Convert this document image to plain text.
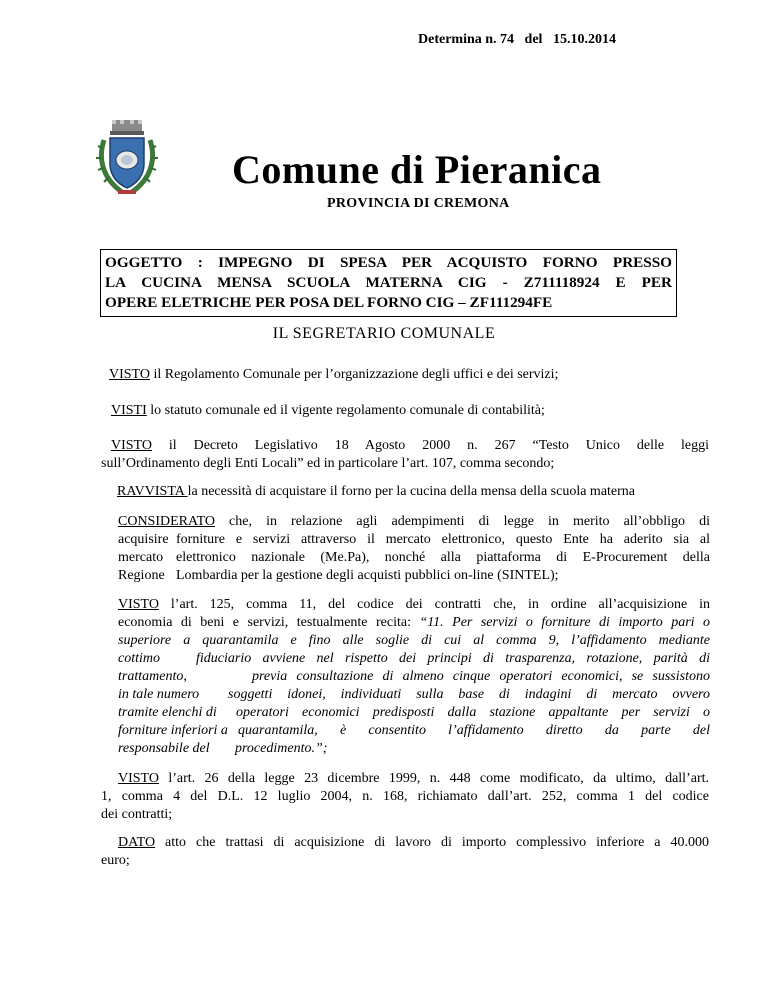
Determina n. 74 del 15.10.2014
Comune di Pieranica
PROVINCIA DI CREMONA
OGGETTO : IMPEGNO DI SPESA PER ACQUISTO FORNO PRESSO
LA CUCINA MENSA SCUOLA MATERNA CIG - Z711118924 E PER
OPERE ELETRICHE PER POSA DEL FORNO CIG – ZF111294FE
IL SEGRETARIO COMUNALE
VISTO il Regolamento Comunale per l’organizzazione degli uffici e dei servizi;
VISTI lo statuto comunale ed il vigente regolamento comunale di contabilità;
VISTO il Decreto Legislativo 18 Agosto 2000 n. 267 “Testo Unico delle leggi
sull’Ordinamento degli Enti Locali” ed in particolare l’art. 107, comma secondo;
RAVVISTA la necessità di acquistare il forno per la cucina della mensa della scuola materna
CONSIDERATO che, in relazione agli adempimenti di legge in merito all’obbligo di
acquisire forniture e servizi attraverso il mercato elettronico, questo Ente ha aderito sia al
mercato elettronico nazionale (Me.Pa), nonché alla piattaforma di E-Procurement della
Regione Lombardia per la gestione degli acquisti pubblici on-line (SINTEL);
VISTO l’art. 125, comma 11, del codice dei contratti che, in ordine all’acquisizione in
economia di beni e servizi, testualmente recita: “11. Per servizi o forniture di importo pari o
superiore a quarantamila e fino alle soglie di cui al comma 9, l’affidamento mediante
cottimo	fiduciario avviene nel rispetto dei principi di trasparenza, rotazione, parità di
trattamento,	previa consultazione di almeno cinque operatori economici, se sussistono
in tale numero	soggetti idonei, individuati sulla base di indagini di mercato ovvero
tramite elenchi di	operatori economici predisposti dalla stazione appaltante per servizi o
forniture inferiori a quarantamila, è consentito l’affidamento diretto da parte del
responsabile del	procedimento.”;
VISTO l’art. 26 della legge 23 dicembre 1999, n. 448 come modificato, da ultimo, dall’art.
1, comma 4 del D.L. 12 luglio 2004, n. 168, richiamato dall’art. 252, comma 1 del codice
dei contratti;
DATO atto che trattasi di acquisizione di lavoro di importo complessivo inferiore a 40.000
euro;
